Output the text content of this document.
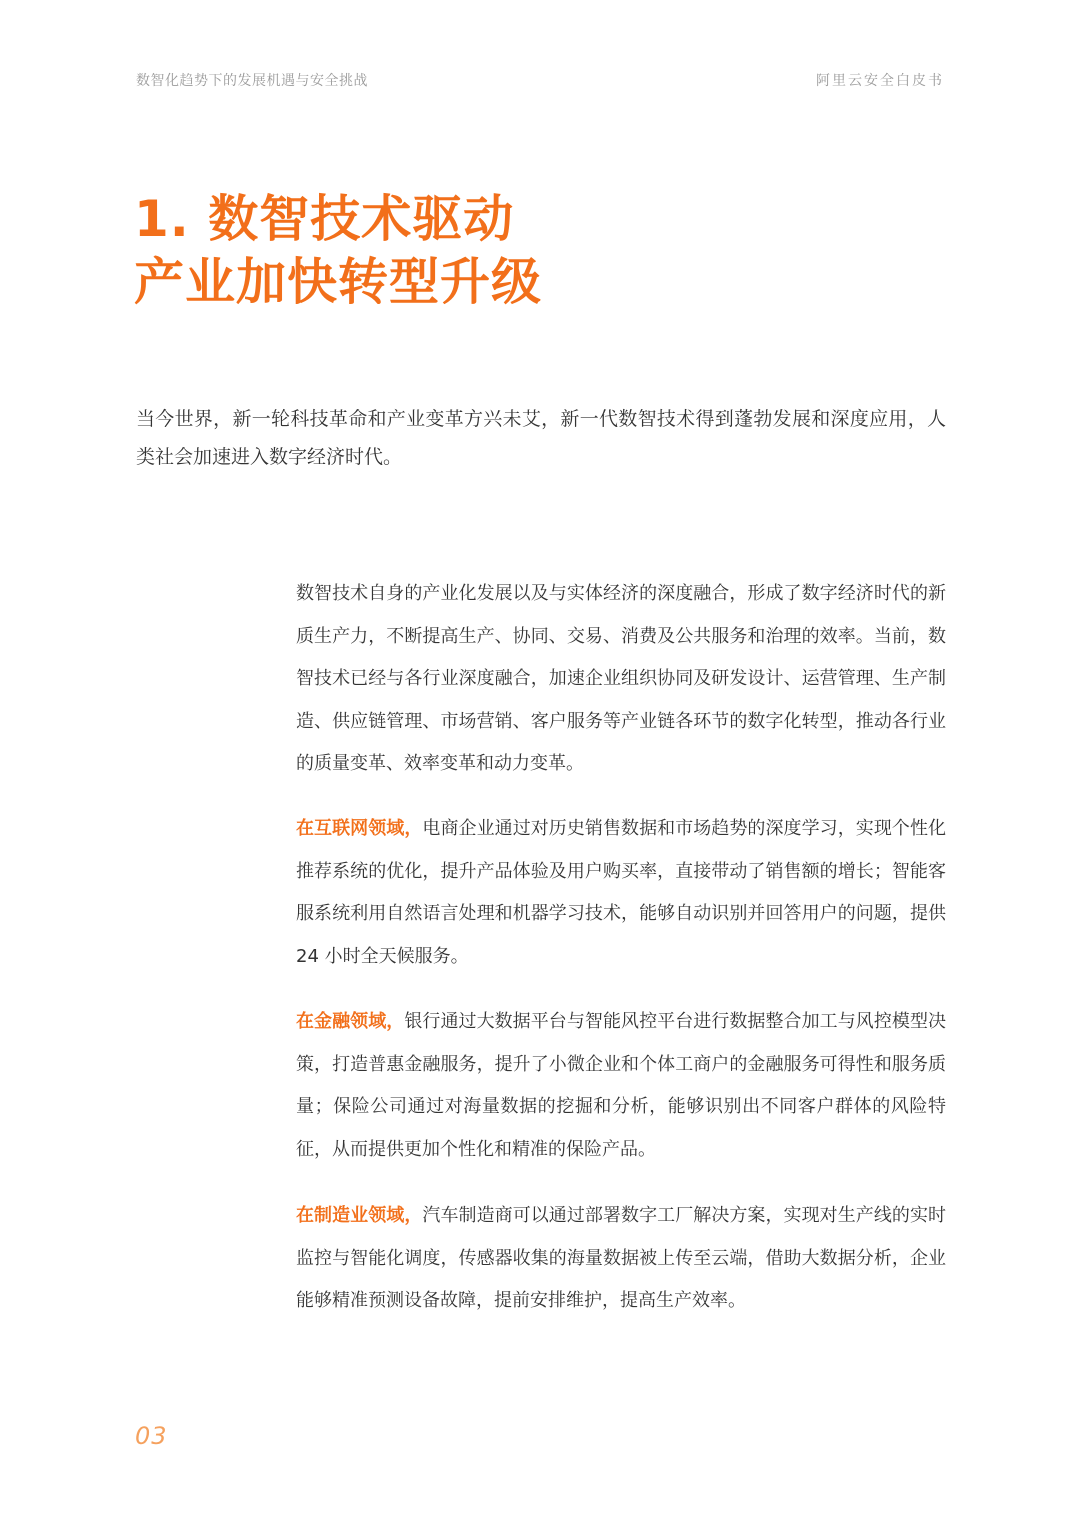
数智化趋势下的发展机遇与安全挑战	阿里云安全白皮书
1. 数智技术驱动
产业加快转型升级

当今世界，新一轮科技革命和产业变革方兴未艾，新一代数智技术得到蓬勃发展和深度应用，人类社会加速进入数字经济时代。

数智技术自身的产业化发展以及与实体经济的深度融合，形成了数字经济时代的新质生产力，不断提高生产、协同、交易、消费及公共服务和治理的效率。当前，数智技术已经与各行业深度融合，加速企业组织协同及研发设计、运营管理、生产制造、供应链管理、市场营销、客户服务等产业链各环节的数字化转型，推动各行业的质量变革、效率变革和动力变革。

在互联网领域，电商企业通过对历史销售数据和市场趋势的深度学习，实现个性化推荐系统的优化，提升产品体验及用户购买率，直接带动了销售额的增长；智能客服系统利用自然语言处理和机器学习技术，能够自动识别并回答用户的问题，提供 24 小时全天候服务。

在金融领域，银行通过大数据平台与智能风控平台进行数据整合加工与风控模型决策，打造普惠金融服务，提升了小微企业和个体工商户的金融服务可得性和服务质量；保险公司通过对海量数据的挖掘和分析，能够识别出不同客户群体的风险特征，从而提供更加个性化和精准的保险产品。

在制造业领域，汽车制造商可以通过部署数字工厂解决方案，实现对生产线的实时监控与智能化调度，传感器收集的海量数据被上传至云端，借助大数据分析，企业能够精准预测设备故障，提前安排维护，提高生产效率。

03
